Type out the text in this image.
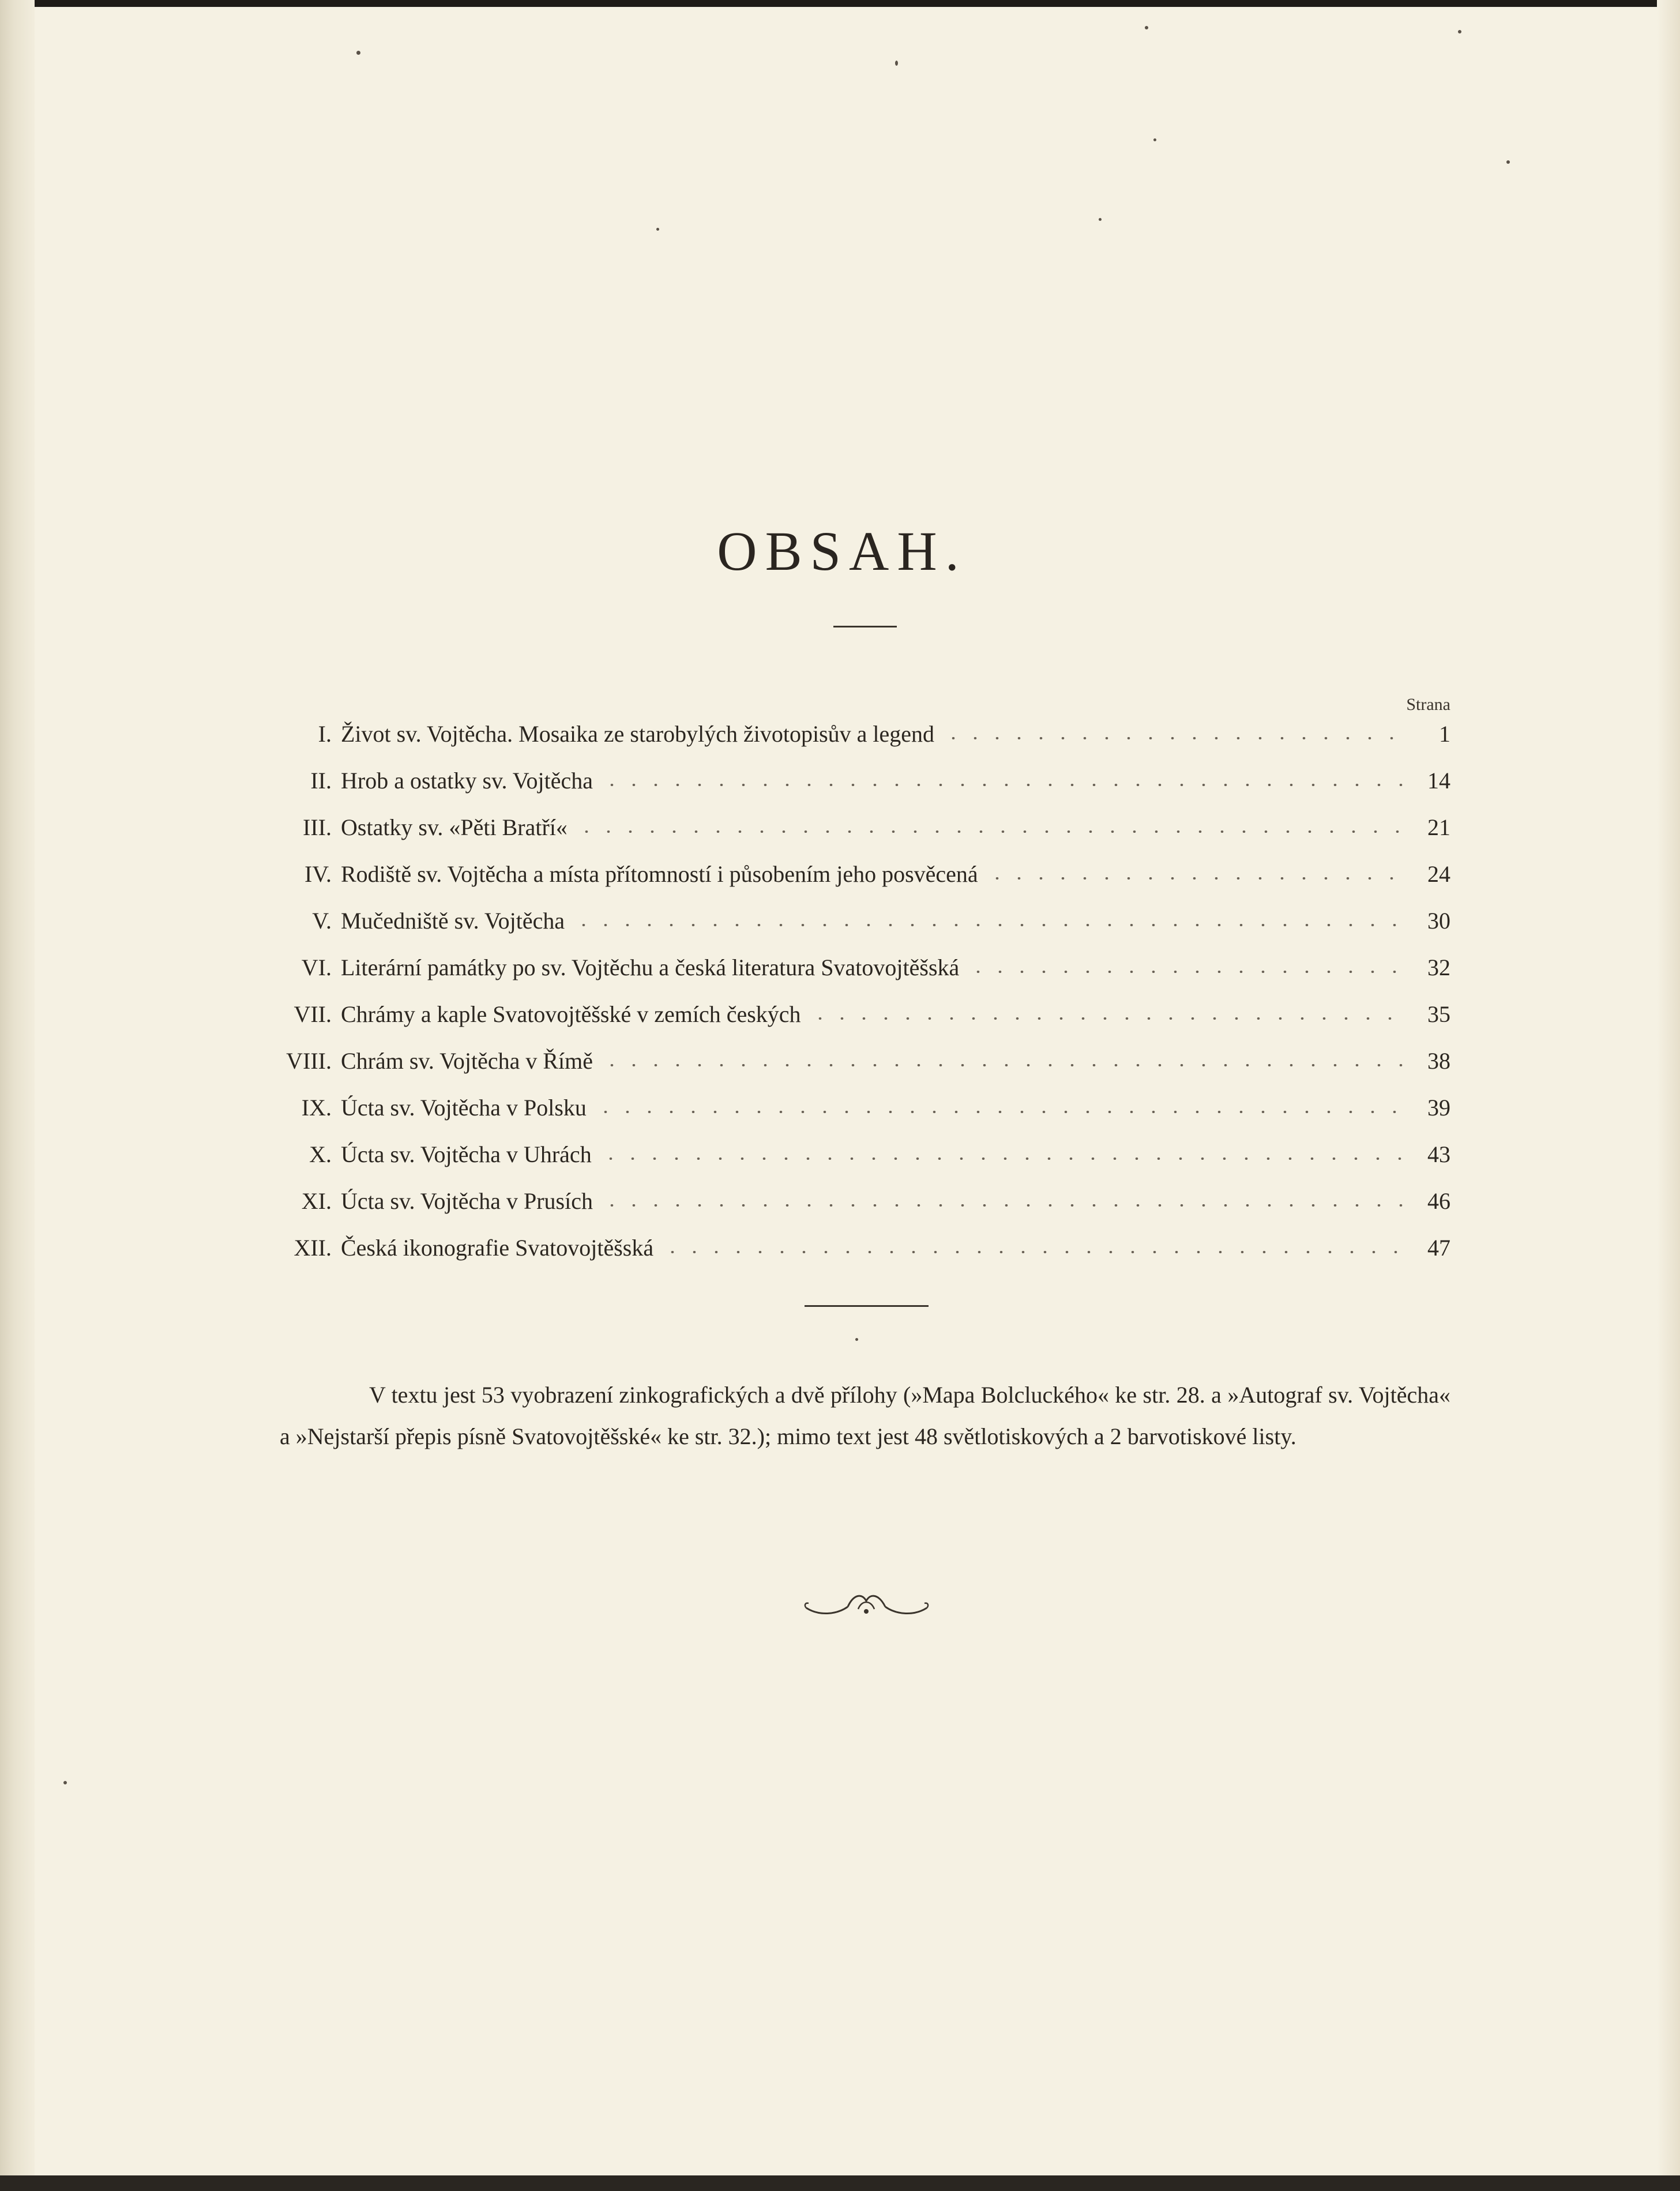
OBSAH.
Strana
I. Život sv. Vojtěcha. Mosaika ze starobylých životopisův a legend	1
II. Hrob a ostatky sv. Vojtěcha	14
III. Ostatky sv. «Pěti Bratří«	21
IV. Rodiště sv. Vojtěcha a místa přítomností i působením jeho posvěcená	24
V. Mučedniště sv. Vojtěcha	30
VI. Literární památky po sv. Vojtěchu a česká literatura Svatovojtěšská	32
VII. Chrámy a kaple Svatovojtěšské v zemích českých	35
VIII. Chrám sv. Vojtěcha v Římě	38
IX. Úcta sv. Vojtěcha v Polsku	39
X. Úcta sv. Vojtěcha v Uhrách	43
XI. Úcta sv. Vojtěcha v Prusích	46
XII. Česká ikonografie Svatovojtěšská	47
V textu jest 53 vyobrazení zinkografických a dvě přílohy (»Mapa Bolcluckého« ke str. 28. a »Autograf sv. Vojtěcha« a »Nejstarší přepis písně Svatovojtěšské« ke str. 32.); mimo text jest 48 světlotiskových a 2 barvotiskové listy.
